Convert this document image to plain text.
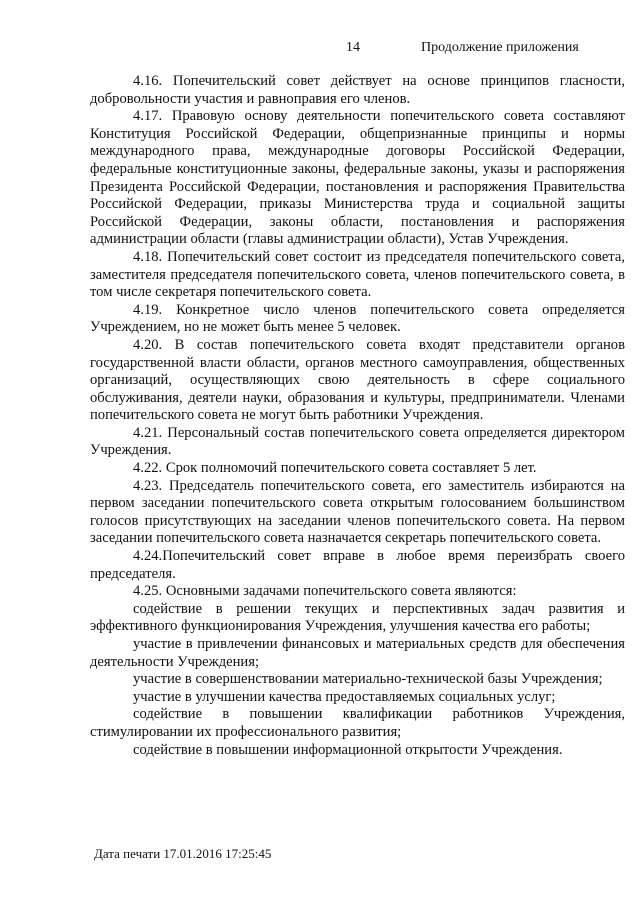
14	Продолжение приложения

4.16. Попечительский совет действует на основе принципов гласности, добровольности участия и равноправия его членов.

4.17. Правовую основу деятельности попечительского совета составляют Конституция Российской Федерации, общепризнанные принципы и нормы международного права, международные договоры Российской Федерации, федеральные конституционные законы, федеральные законы, указы и распоряжения Президента Российской Федерации, постановления и распоряжения Правительства Российской Федерации, приказы Министерства труда и социальной защиты Российской Федерации, законы области, постановления и распоряжения администрации области (главы администрации области), Устав Учреждения.

4.18. Попечительский совет состоит из председателя попечительского совета, заместителя председателя попечительского совета, членов попечительского совета, в том числе секретаря попечительского совета.

4.19. Конкретное число членов попечительского совета определяется Учреждением, но не может быть менее 5 человек.

4.20. В состав попечительского совета входят представители органов государственной власти области, органов местного самоуправления, общественных организаций, осуществляющих свою деятельность в сфере социального обслуживания, деятели науки, образования и культуры, предприниматели. Членами попечительского совета не могут быть работники Учреждения.

4.21. Персональный состав попечительского совета определяется директором Учреждения.

4.22. Срок полномочий попечительского совета составляет 5 лет.

4.23. Председатель попечительского совета, его заместитель избираются на первом заседании попечительского совета открытым голосованием большинством голосов присутствующих на заседании членов попечительского совета. На первом заседании попечительского совета назначается секретарь попечительского совета.

4.24.Попечительский совет вправе в любое время переизбрать своего председателя.

4.25. Основными задачами попечительского совета являются:

содействие в решении текущих и перспективных задач развития и эффективного функционирования Учреждения, улучшения качества его работы;

участие в привлечении финансовых и материальных средств для обеспечения деятельности Учреждения;

участие в совершенствовании материально-технической базы Учреждения;

участие в улучшении качества предоставляемых социальных услуг;

содействие в повышении квалификации работников Учреждения, стимулировании их профессионального развития;

содействие в повышении информационной открытости Учреждения.

Дата печати 17.01.2016 17:25:45
